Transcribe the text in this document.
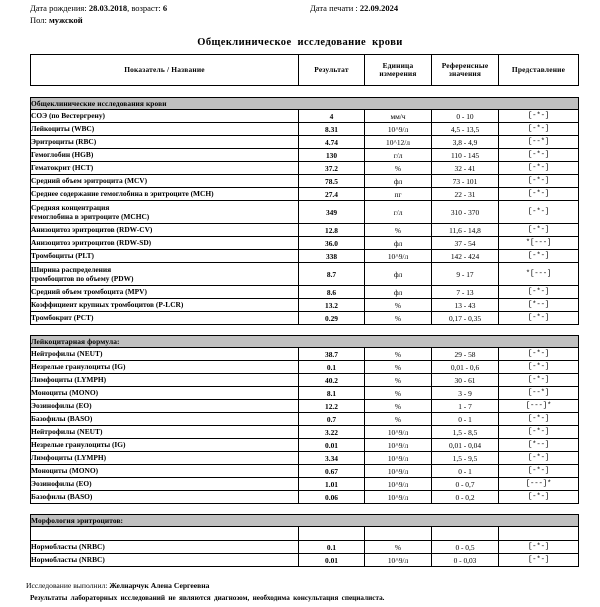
Дата рождения: 28.03.2018, возраст: 6
Пол: мужской
Дата печати : 22.09.2024
Общеклиническое исследование крови
Показатель / Название	Результат	Единица измерения	Референсные значения	Представление
Общеклинические исследования крови				
СОЭ (по Вестергрену)	4	мм/ч	0 - 10	[-*-]
Лейкоциты (WBC)	8.31	10^9/л	4,5 - 13,5	[-*-]
Эритроциты (RBC)	4.74	10^12/л	3,8 - 4,9	[--*]
Гемоглобин (HGB)	130	г/л	110 - 145	[-*-]
Гематокрит (HCT)	37.2	%	32 - 41	[-*-]
Средний объем эритроцита (MCV)	78.5	фл	73 - 101	[-*-]
Среднее содержание гемоглобина в эритроците (MCH)	27.4	пг	22 - 31	[-*-]
Средняя концентрация
гемоглобина в эритроците (MCHC)	349	г/л	310 - 370	[-*-]
Анизоцитоз эритроцитов (RDW-CV)	12.8	%	11,6 - 14,8	[-*-]
Анизоцитоз эритроцитов (RDW-SD)	36.0	фл	37 - 54	*[---]
Тромбоциты (PLT)	338	10^9/л	142 - 424	[-*-]
Ширина распределения
тромбоцитов по объему (PDW)	8.7	фл	9 - 17	*[---]
Средний объем тромбоцита (MPV)	8.6	фл	7 - 13	[-*-]
Коэффициент крупных тромбоцитов (P-LCR)	13.2	%	13 - 43	[*--]
Тромбокрит (PCT)	0.29	%	0,17 - 0,35	[-*-]
Лейкоцитарная формула:				
Нейтрофилы (NEUT)	38.7	%	29 - 58	[-*-]
Незрелые гранулоциты (IG)	0.1	%	0,01 - 0,6	[-*-]
Лимфоциты (LYMPH)	40.2	%	30 - 61	[-*-]
Моноциты (MONO)	8.1	%	3 - 9	[--*]
Эозинофилы (EO)	12.2	%	1 - 7	[---]*
Базофилы (BASO)	0.7	%	0 - 1	[-*-]
Нейтрофилы (NEUT)	3.22	10^9/л	1,5 - 8,5	[-*-]
Незрелые гранулоциты (IG)	0.01	10^9/л	0,01 - 0,04	[*--]
Лимфоциты (LYMPH)	3.34	10^9/л	1,5 - 9,5	[-*-]
Моноциты (MONO)	0.67	10^9/л	0 - 1	[-*-]
Эозинофилы (EO)	1.01	10^9/л	0 - 0,7	[---]*
Базофилы (BASO)	0.06	10^9/л	0 - 0,2	[-*-]
Морфология эритроцитов:				

Нормобласты (NRBC)	0.1	%	0 - 0,5	[-*-]
Нормобласты (NRBC)	0.01	10^9/л	0 - 0,03	[-*-]
Исследование выполнил: Желнарчук Алена Сергеевна
Результаты лабораторных исследований не являются диагнозом, необходима консультация специалиста.
